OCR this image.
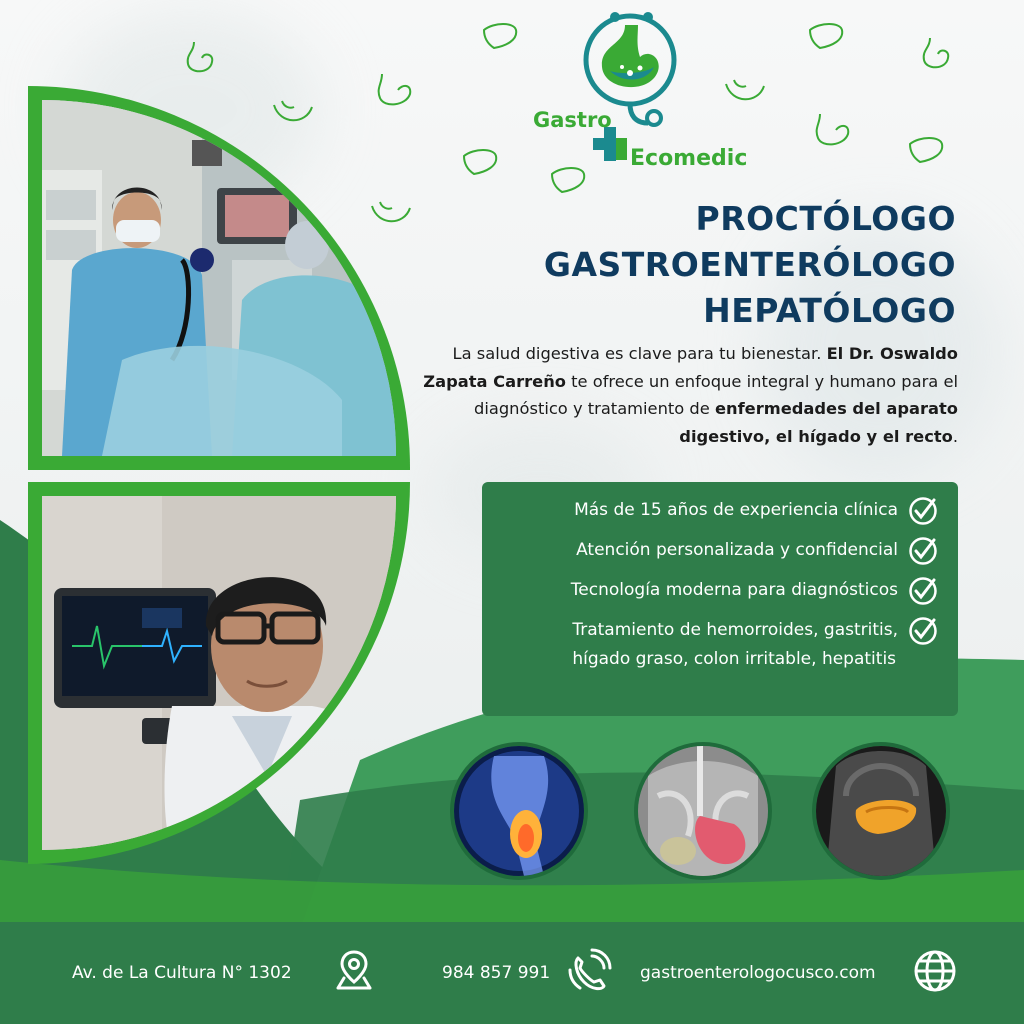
Gastro
Ecomedic
PROCTÓLOGO
GASTROENTERÓLOGO
HEPATÓLOGO

La salud digestiva es clave para tu bienestar. El Dr. Oswaldo Zapata Carreño te ofrece un enfoque integral y humano para el diagnóstico y tratamiento de enfermedades del aparato digestivo, el hígado y el recto.

Más de 15 años de experiencia clínica
Atención personalizada y confidencial
Tecnología moderna para diagnósticos
Tratamiento de hemorroides, gastritis,
hígado graso, colon irritable, hepatitis
Av. de La Cultura N° 1302	984 857 991	gastroenterologocusco.com
